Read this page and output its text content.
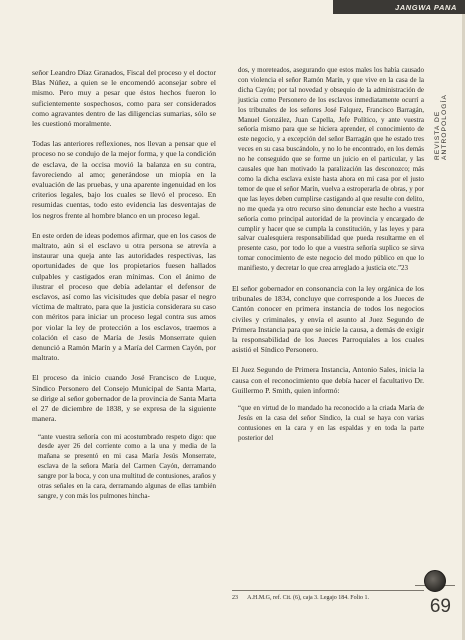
JANGWA PANA
REVISTA DE ANTROPOLOGÍA

señor Leandro Díaz Granados, Fiscal del proceso y el doctor Blas Núñez, a quien se le encomendó aconsejar sobre el mismo. Pero muy a pesar que éstos hechos fueron lo suficientemente sospechosos, como para ser considerados como agravantes dentro de las diligencias sumarias, sólo se les cuestionó moralmente.

Todas las anteriores reflexiones, nos llevan a pensar que el proceso no se condujo de la mejor forma, y que la condición de esclava, de la occisa movió la balanza en su contra, favoreciendo al amo; generándose un miopía en la evaluación de las pruebas, y una aparente ingenuidad en los criterios legales, bajo los cuales se llevó el proceso. En resumidas cuentas, todo esto evidencia las desventajas de los negros frente al hombre blanco en un proceso legal.

En este orden de ideas podemos afirmar, que en los casos de maltrato, aún si el esclavo u otra persona se atrevía a instaurar una queja ante las autoridades respectivas, las oportunidades de que los propietarios fuesen hallados culpables y castigados eran mínimas. Con el ánimo de ilustrar el proceso que debía adelantar el defensor de esclavos, así como las vicisitudes que debía pasar el negro víctima de maltrato, para que la justicia considerara su caso con méritos para iniciar un proceso legal contra sus amos por violar la ley de protección a los esclavos, traemos a colación el caso de María de Jesús Monserrate quien denunció a Ramón Marín y a María del Carmen Cayón, por maltrato.

El proceso da inicio cuando José Francisco de Luque, Síndico Personero del Consejo Municipal de Santa Marta, se dirige al señor gobernador de la provincia de Santa Marta el 27 de diciembre de 1838, y se expresa de la siguiente manera.

“ante vuestra señoría con mi acostumbrado respeto digo: que desde ayer 26 del corriente como a la una y media de la mañana se presentó en mi casa María Jesús Monserrate, esclava de la señora María del Carmen Cayón, derramando sangre por la boca, y con una multitud de contusiones, araños y otras señales en la cara, derramando algunas de ellas también sangre, y con más los pulmones hincha-

dos, y moreteados, asegurando que estos males los había causado con violencia el señor Ramón Marín, y que vive en la casa de la dicha Cayón; por tal novedad y obsequio de la administración de justicia como Personero de los esclavos inmediatamente ocurrí a los tribunales de los señores José Falquez, Francisco Barragán, Manuel González, Juan Capella, Jefe Político, y ante vuestra señoría mismo para que se hiciera aprender, el conocimiento de este negocio, y a excepción del señor Barragán que he estado tres veces en su casa buscándolo, y no lo he encontrado, en los demás no he conseguido que se forme un juicio en el particular, y las causales que han motivado la paralización las desconozco; más como la dicha esclava existe hasta ahora en mi casa por el justo temor de que el señor Marín, vuelva a estroperarla de obras, y por que las leyes deben cumplirse castigando al que resulte con delito, no me queda ya otro recurso sino denunciar este hecho a vuestra señoría como principal autoridad de la provincia y encargado de cumplir y hacer que se cumpla la constitución, y las leyes y para salvar cualesquiera responsabilidad que pueda resultarme en el presente caso, por todo lo que a vuestra señoría suplico se sirva tomar conocimiento de este negocio del modo público en que lo manifiesto, y decretar lo que crea arreglado a justicia etc.”23

El señor gobernador en consonancia con la ley orgánica de los tribunales de 1834, concluye que corresponde a los Jueces de Cantón conocer en primera instancia de todos los negocios civiles y criminales, y envía el asunto al Juez Segundo de Primera Instancia para que se inicie la causa, a demás de exigir la responsabilidad de los Jueces Parroquiales a los cuales asistió el Síndico Personero.

El Juez Segundo de Primera Instancia, Antonio Sales, inicia la causa con el reconocimiento que debía hacer el facultativo Dr. Guillermo P. Smith, quien informó:

“que en virtud de lo mandado ha reconocido a la criada María de Jesús en la casa del señor Síndico, la cual se haya con varias contusiones en la cara y en las espaldas y en toda la parte posterior del

23 A.H.M.G, ref. Cit. (6), caja 3. Legajo 184. Folio 1.	69
